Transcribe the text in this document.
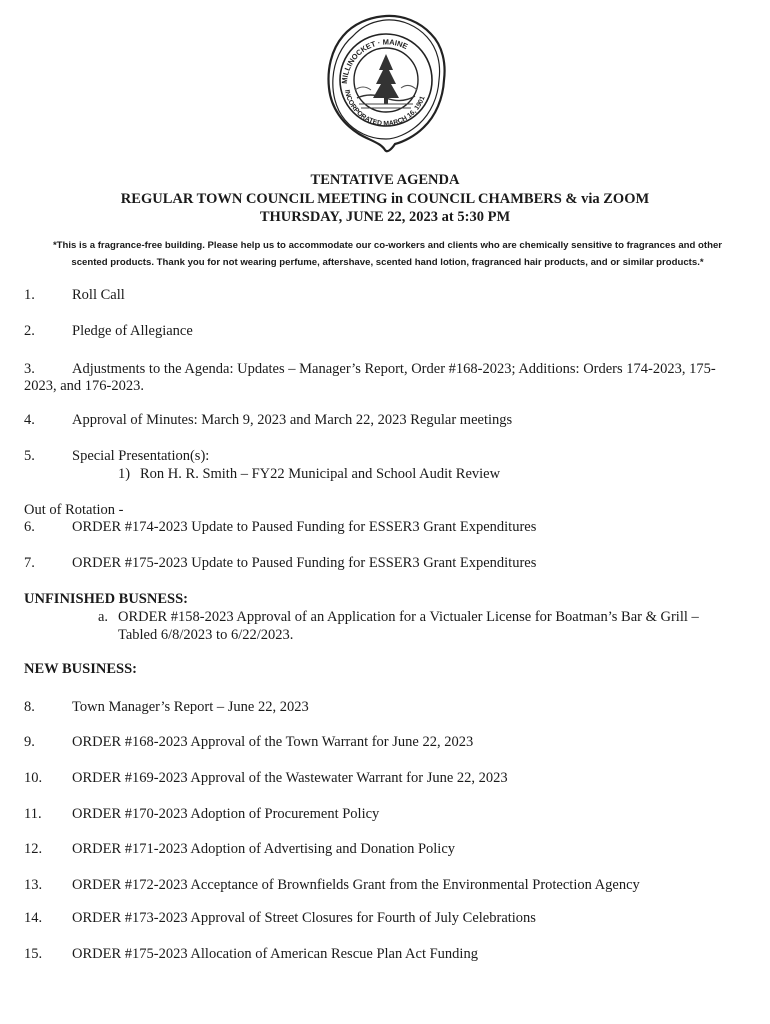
MILLINOCKET · MAINE
INCORPORATED MARCH 16, 1901
TENTATIVE AGENDA
REGULAR TOWN COUNCIL MEETING in COUNCIL CHAMBERS & via ZOOM
THURSDAY, JUNE 22, 2023 at 5:30 PM
*This is a fragrance-free building. Please help us to accommodate our co-workers and clients who are chemically sensitive to fragrances and other
scented products. Thank you for not wearing perfume, aftershave, scented hand lotion, fragranced hair products, and or similar products.*
1.	Roll Call
2.	Pledge of Allegiance
3.	Adjustments to the Agenda: Updates – Manager’s Report, Order #168-2023; Additions: Orders 174-2023, 175-
2023, and 176-2023.
4.	Approval of Minutes: March 9, 2023 and March 22, 2023 Regular meetings
5.	Special Presentation(s):
1) Ron H. R. Smith – FY22 Municipal and School Audit Review
Out of Rotation -
6.	ORDER #174-2023 Update to Paused Funding for ESSER3 Grant Expenditures
7.	ORDER #175-2023 Update to Paused Funding for ESSER3 Grant Expenditures
UNFINISHED BUSNESS:
a. ORDER #158-2023 Approval of an Application for a Victualer License for Boatman’s Bar & Grill –
Tabled 6/8/2023 to 6/22/2023.
NEW BUSINESS:
8.	Town Manager’s Report – June 22, 2023
9.	ORDER #168-2023 Approval of the Town Warrant for June 22, 2023
10. ORDER #169-2023 Approval of the Wastewater Warrant for June 22, 2023
11. ORDER #170-2023 Adoption of Procurement Policy
12. ORDER #171-2023 Adoption of Advertising and Donation Policy
13. ORDER #172-2023 Acceptance of Brownfields Grant from the Environmental Protection Agency
14. ORDER #173-2023 Approval of Street Closures for Fourth of July Celebrations
15. ORDER #175-2023 Allocation of American Rescue Plan Act Funding
